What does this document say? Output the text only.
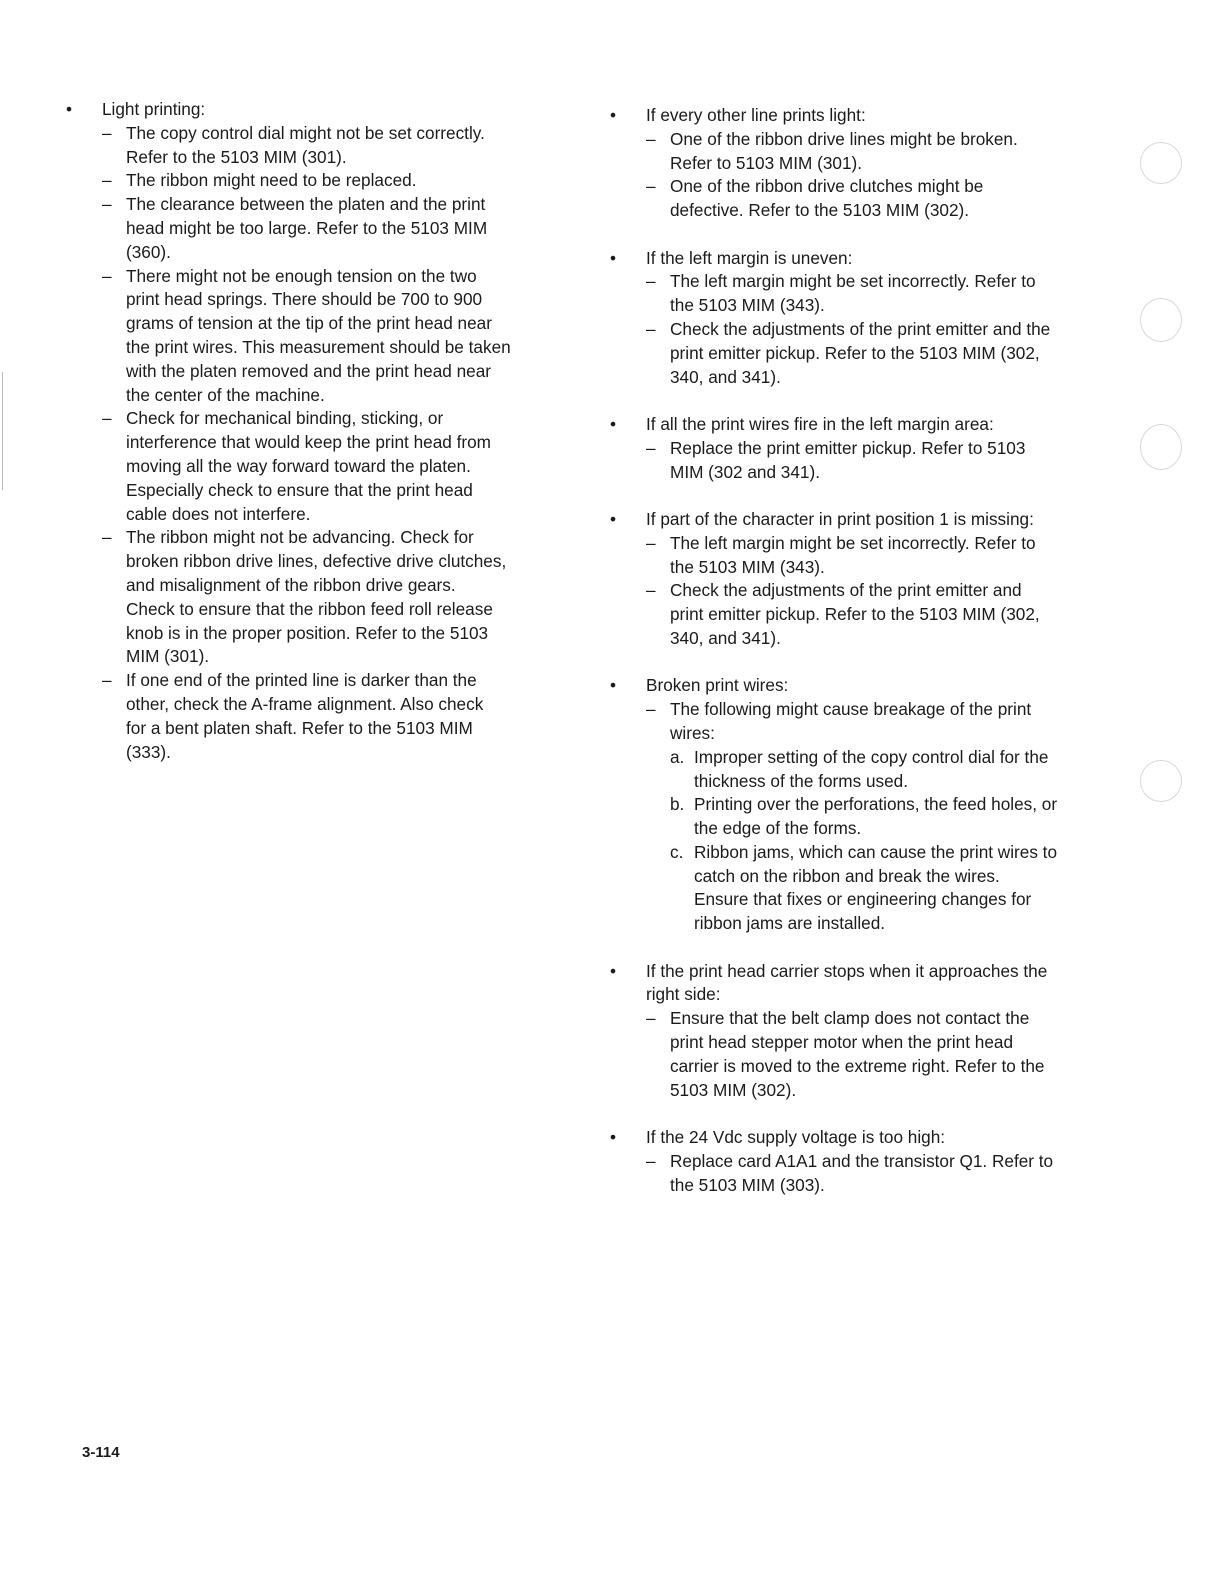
•	Light printing:
– The copy control dial might not be set correctly.
Refer to the 5103 MIM (301).
– The ribbon might need to be replaced.
– The clearance between the platen and the print
head might be too large. Refer to the 5103 MIM
(360).
– There might not be enough tension on the two
print head springs. There should be 700 to 900
grams of tension at the tip of the print head near
the print wires. This measurement should be taken
with the platen removed and the print head near
the center of the machine.
– Check for mechanical binding, sticking, or
interference that would keep the print head from
moving all the way forward toward the platen.
Especially check to ensure that the print head
cable does not interfere.
– The ribbon might not be advancing. Check for
broken ribbon drive lines, defective drive clutches,
and misalignment of the ribbon drive gears.
Check to ensure that the ribbon feed roll release
knob is in the proper position. Refer to the 5103
MIM (301).
– If one end of the printed line is darker than the
other, check the A-frame alignment. Also check
for a bent platen shaft. Refer to the 5103 MIM
(333).
•	If every other line prints light:
– One of the ribbon drive lines might be broken.
Refer to 5103 MIM (301).
– One of the ribbon drive clutches might be
defective. Refer to the 5103 MIM (302).
•	If the left margin is uneven:
– The left margin might be set incorrectly. Refer to
the 5103 MIM (343).
– Check the adjustments of the print emitter and the
print emitter pickup. Refer to the 5103 MIM (302,
340, and 341).
•	If all the print wires fire in the left margin area:
– Replace the print emitter pickup. Refer to 5103
MIM (302 and 341).
•	If part of the character in print position 1 is missing:
– The left margin might be set incorrectly. Refer to
the 5103 MIM (343).
– Check the adjustments of the print emitter and
print emitter pickup. Refer to the 5103 MIM (302,
340, and 341).
•	Broken print wires:
– The following might cause breakage of the print
wires:
a. Improper setting of the copy control dial for the
thickness of the forms used.
b. Printing over the perforations, the feed holes, or
the edge of the forms.
c. Ribbon jams, which can cause the print wires to
catch on the ribbon and break the wires.
Ensure that fixes or engineering changes for
ribbon jams are installed.
•	If the print head carrier stops when it approaches the
right side:
– Ensure that the belt clamp does not contact the
print head stepper motor when the print head
carrier is moved to the extreme right. Refer to the
5103 MIM (302).
•	If the 24 Vdc supply voltage is too high:
– Replace card A1A1 and the transistor Q1. Refer to
the 5103 MIM (303).
3-114
